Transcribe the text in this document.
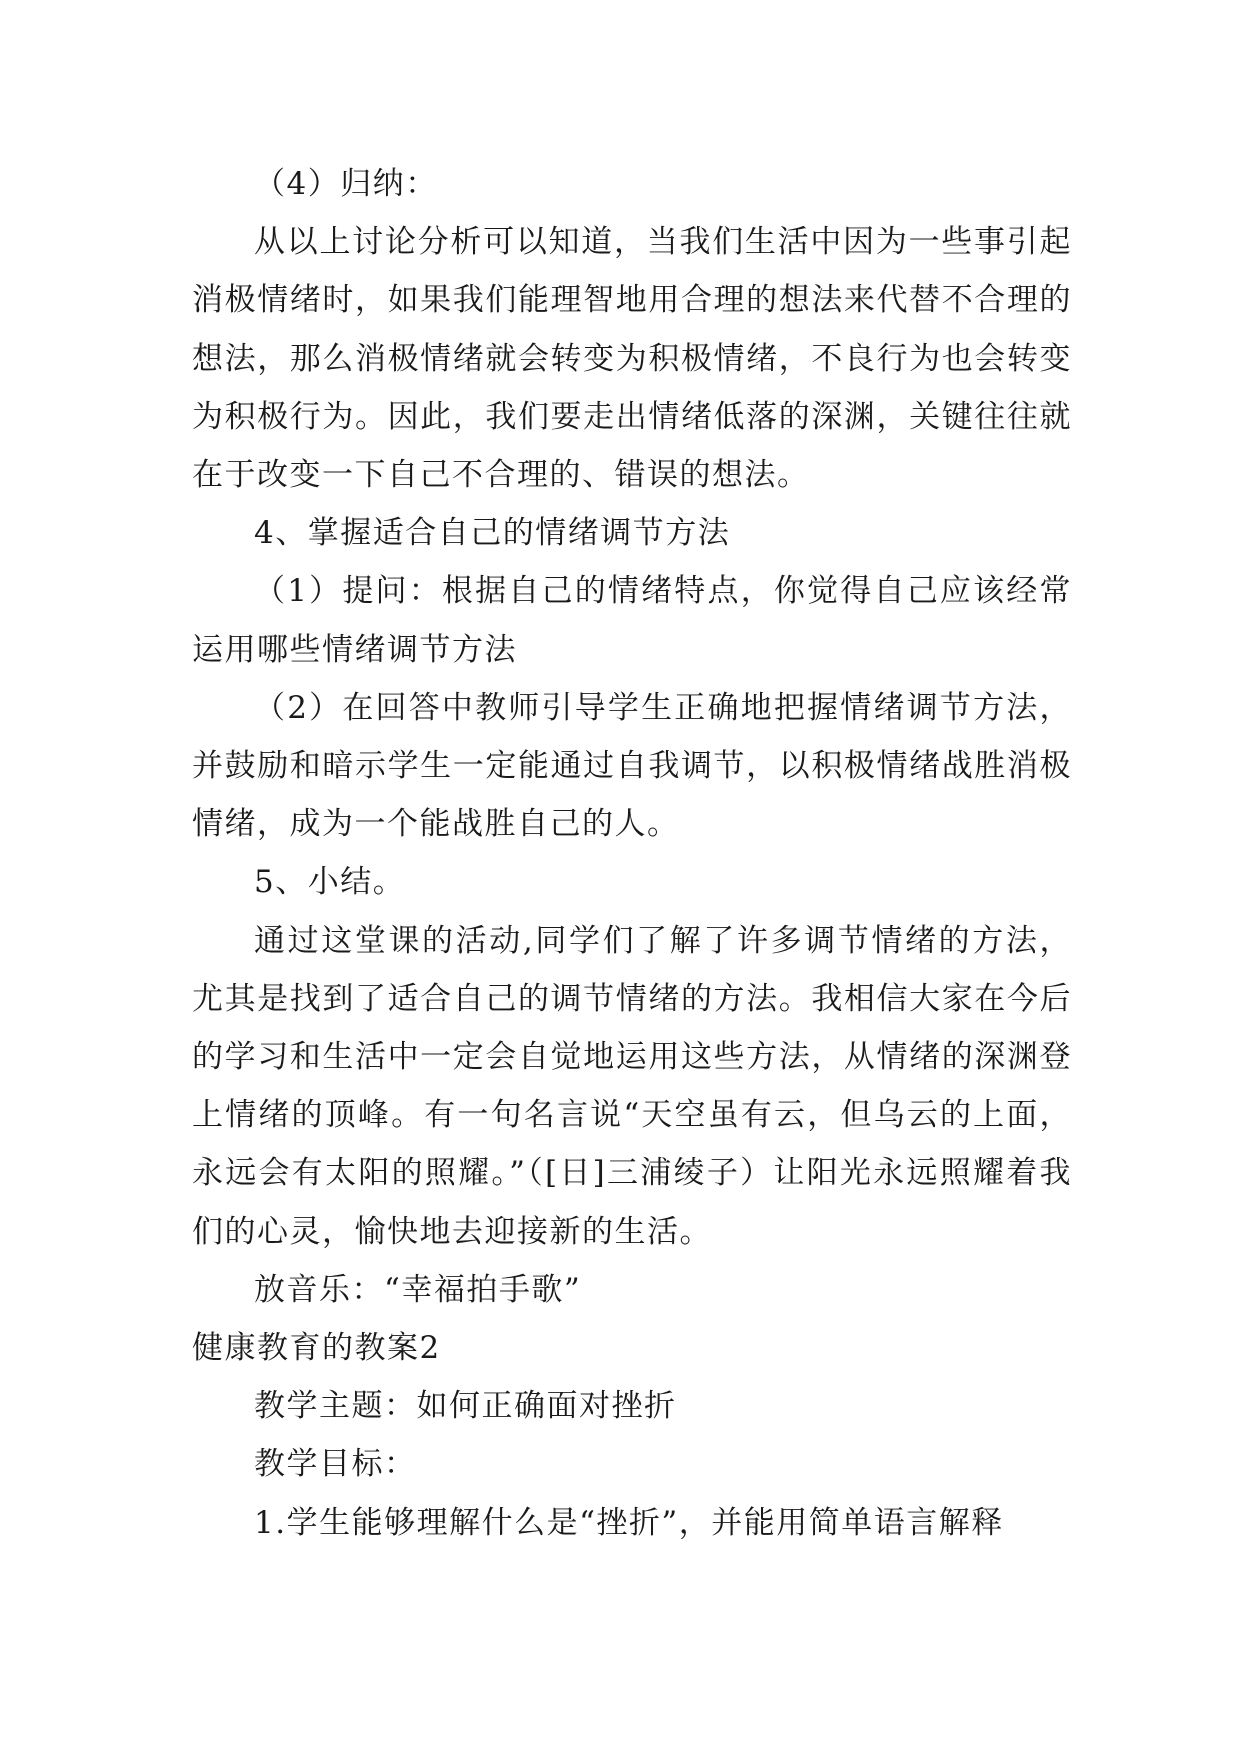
（4）归纳：

从以上讨论分析可以知道，当我们生活中因为一些事引起消极情绪时，如果我们能理智地用合理的想法来代替不合理的想法，那么消极情绪就会转变为积极情绪，不良行为也会转变为积极行为。因此，我们要走出情绪低落的深渊，关键往往就在于改变一下自己不合理的、错误的想法。

4、掌握适合自己的情绪调节方法

（1）提问：根据自己的情绪特点，你觉得自己应该经常运用哪些情绪调节方法

（2）在回答中教师引导学生正确地把握情绪调节方法，并鼓励和暗示学生一定能通过自我调节，以积极情绪战胜消极情绪，成为一个能战胜自己的人。

5、小结。

通过这堂课的活动,同学们了解了许多调节情绪的方法，尤其是找到了适合自己的调节情绪的方法。我相信大家在今后的学习和生活中一定会自觉地运用这些方法，从情绪的深渊登上情绪的顶峰。有一句名言说“天空虽有云，但乌云的上面，永远会有太阳的照耀。”（[日]三浦绫子）让阳光永远照耀着我们的心灵，愉快地去迎接新的生活。

放音乐：“幸福拍手歌”

健康教育的教案2

教学主题：如何正确面对挫折

教学目标：

1.学生能够理解什么是“挫折”，并能用简单语言解释
